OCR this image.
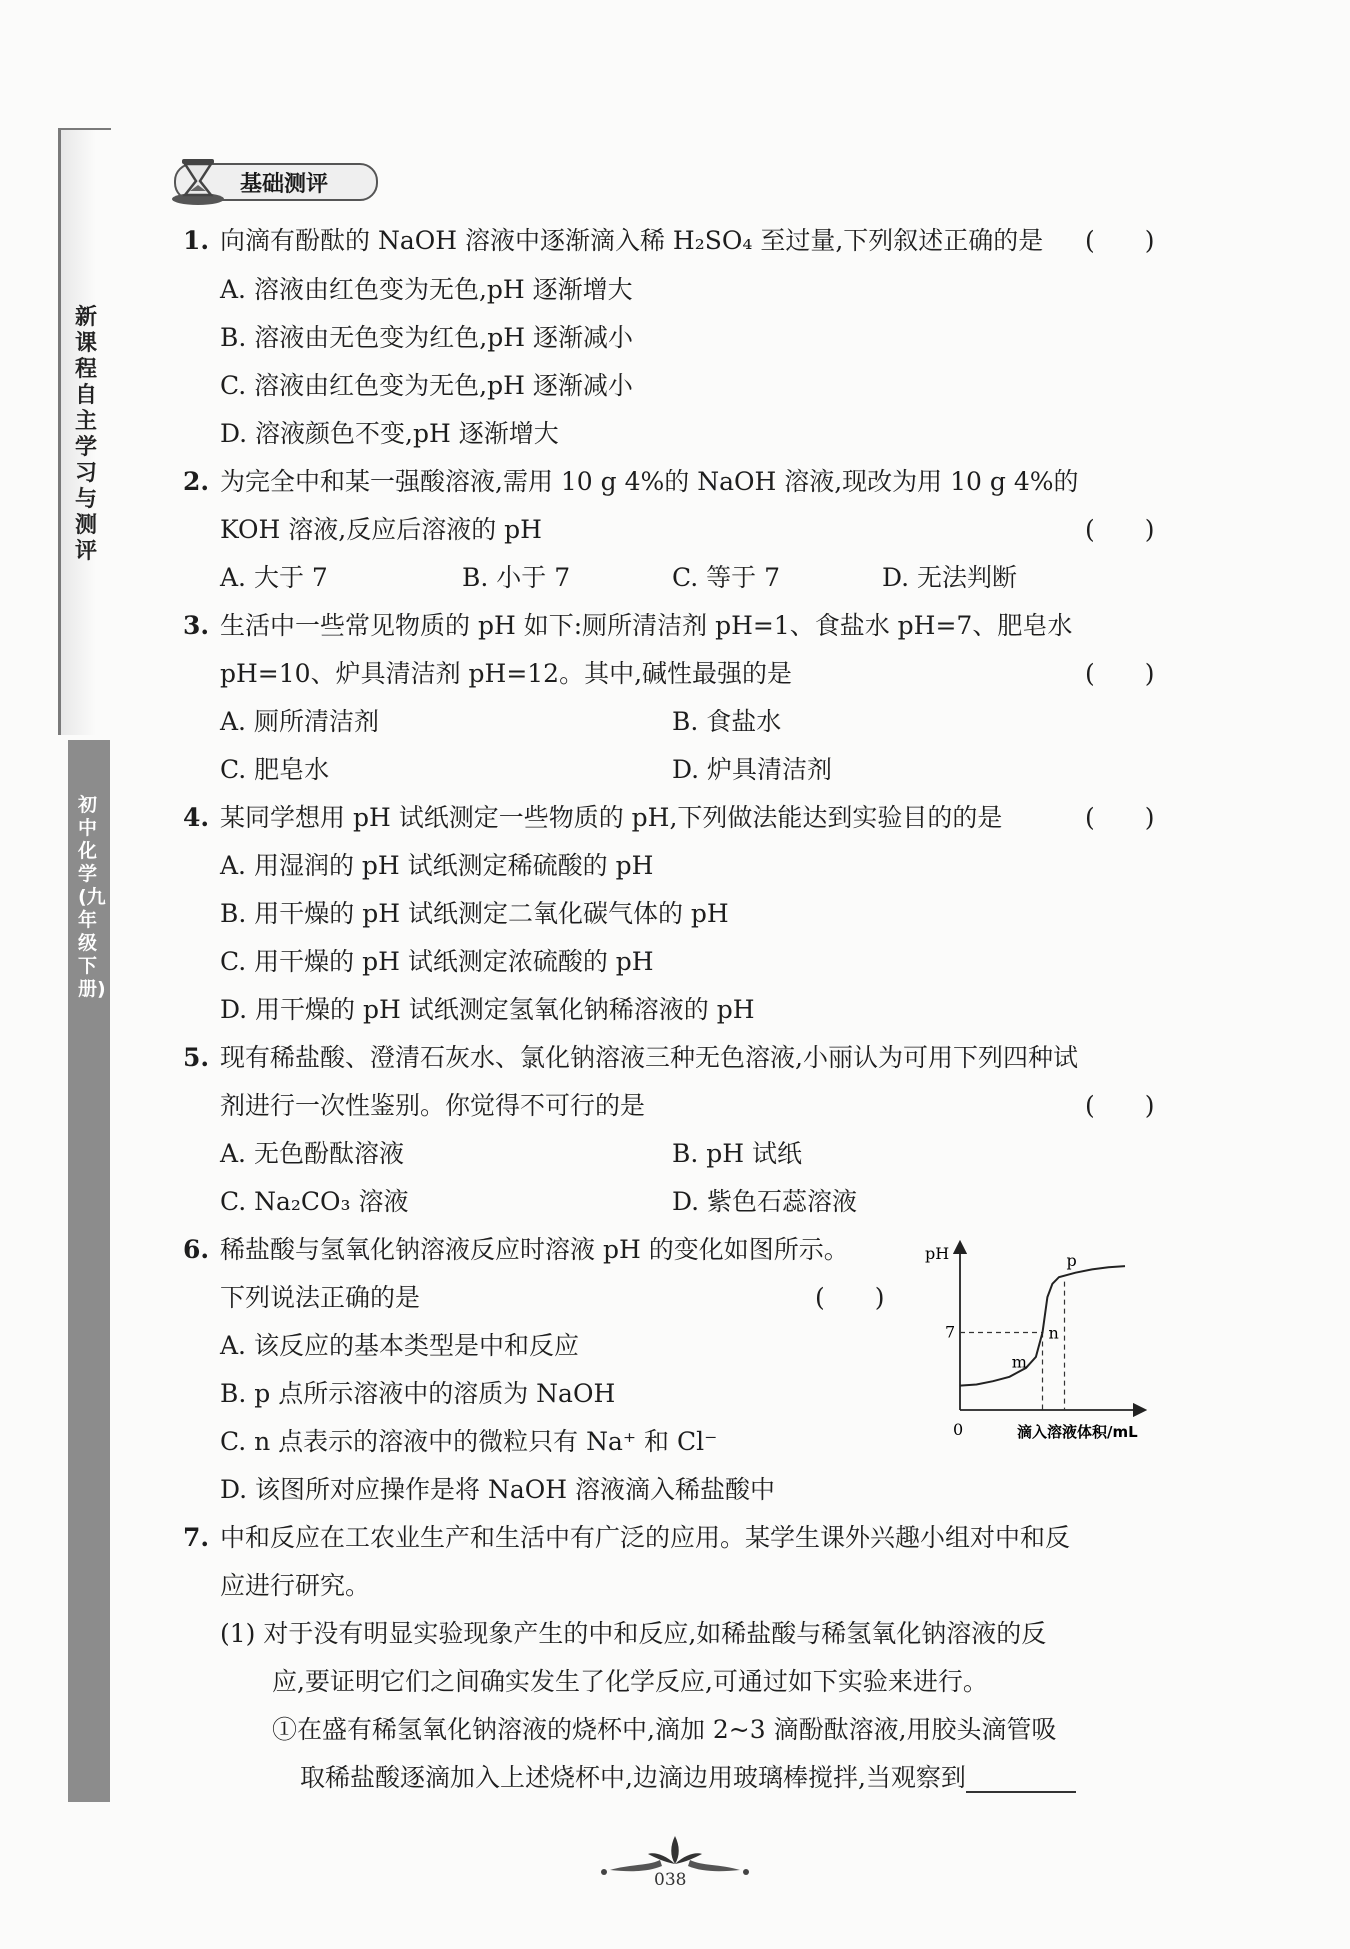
新课程自主学习与测评
初中化学(九年级下册)
基础测评
1. 向滴有酚酞的 NaOH 溶液中逐渐滴入稀 H₂SO₄ 至过量,下列叙述正确的是 (　　)
A. 溶液由红色变为无色,pH 逐渐增大
B. 溶液由无色变为红色,pH 逐渐减小
C. 溶液由红色变为无色,pH 逐渐减小
D. 溶液颜色不变,pH 逐渐增大
2. 为完全中和某一强酸溶液,需用 10 g 4%的 NaOH 溶液,现改为用 10 g 4%的
KOH 溶液,反应后溶液的 pH	(　　)
A. 大于 7	B. 小于 7	C. 等于 7	D. 无法判断
3. 生活中一些常见物质的 pH 如下:厕所清洁剂 pH=1、食盐水 pH=7、肥皂水
pH=10、炉具清洁剂 pH=12。其中,碱性最强的是	(　　)
A. 厕所清洁剂	B. 食盐水
C. 肥皂水	D. 炉具清洁剂
4. 某同学想用 pH 试纸测定一些物质的 pH,下列做法能达到实验目的的是	(　　)
A. 用湿润的 pH 试纸测定稀硫酸的 pH
B. 用干燥的 pH 试纸测定二氧化碳气体的 pH
C. 用干燥的 pH 试纸测定浓硫酸的 pH
D. 用干燥的 pH 试纸测定氢氧化钠稀溶液的 pH
5. 现有稀盐酸、澄清石灰水、氯化钠溶液三种无色溶液,小丽认为可用下列四种试
剂进行一次性鉴别。你觉得不可行的是	(　　)
A. 无色酚酞溶液	B. pH 试纸
C. Na₂CO₃ 溶液	D. 紫色石蕊溶液
6. 稀盐酸与氢氧化钠溶液反应时溶液 pH 的变化如图所示。
下列说法正确的是	(　　)
A. 该反应的基本类型是中和反应
B. p 点所示溶液中的溶质为 NaOH
C. n 点表示的溶液中的微粒只有 Na⁺ 和 Cl⁻
D. 该图所对应操作是将 NaOH 溶液滴入稀盐酸中
pH
0	滴入溶液体积/mL
7
m
n
p
7. 中和反应在工农业生产和生活中有广泛的应用。某学生课外兴趣小组对中和反
应进行研究。
(1) 对于没有明显实验现象产生的中和反应,如稀盐酸与稀氢氧化钠溶液的反
应,要证明它们之间确实发生了化学反应,可通过如下实验来进行。
①在盛有稀氢氧化钠溶液的烧杯中,滴加 2~3 滴酚酞溶液,用胶头滴管吸
取稀盐酸逐滴加入上述烧杯中,边滴边用玻璃棒搅拌,当观察到
038
